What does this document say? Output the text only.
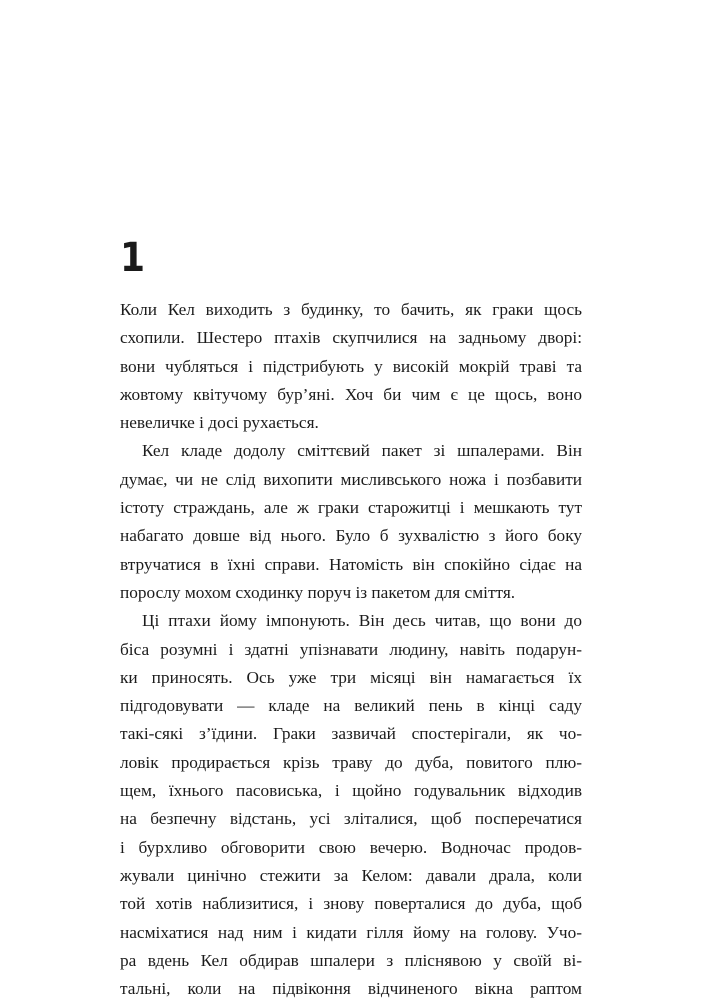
1
Коли Кел виходить з будинку, то бачить, як граки щось
схопили. Шестеро птахів скупчилися на задньому дворі:
вони чубляться і підстрибують у високій мокрій траві та
жовтому квітучому бур’яні. Хоч би чим є це щось, воно
невеличке і досі рухається.
Кел кладе додолу сміттєвий пакет зі шпалерами. Він
думає, чи не слід вихопити мисливського ножа і позбавити
істоту страждань, але ж граки старожитці і мешкають тут
набагато довше від нього. Було б зухвалістю з його боку
втручатися в їхні справи. Натомість він спокійно сідає на
порослу мохом сходинку поруч із пакетом для сміття.
Ці птахи йому імпонують. Він десь читав, що вони до
біса розумні і здатні упізнавати людину, навіть подарун-
ки приносять. Ось уже три місяці він намагається їх
підгодовувати — кладе на великий пень в кінці саду
такі-сякі з’їдини. Граки зазвичай спостерігали, як чо-
ловік продирається крізь траву до дуба, повитого плю-
щем, їхнього пасовиська, і щойно годувальник відходив
на безпечну відстань, усі зліталися, щоб посперечатися
і бурхливо обговорити свою вечерю. Водночас продов-
жували цинічно стежити за Келом: давали драла, коли
той хотів наблизитися, і знову поверталися до дуба, щоб
насміхатися над ним і кидати гілля йому на голову. Учо-
ра вдень Кел обдирав шпалери з пліснявою у своїй ві-
тальні, коли на підвіконня відчиненого вікна раптом
